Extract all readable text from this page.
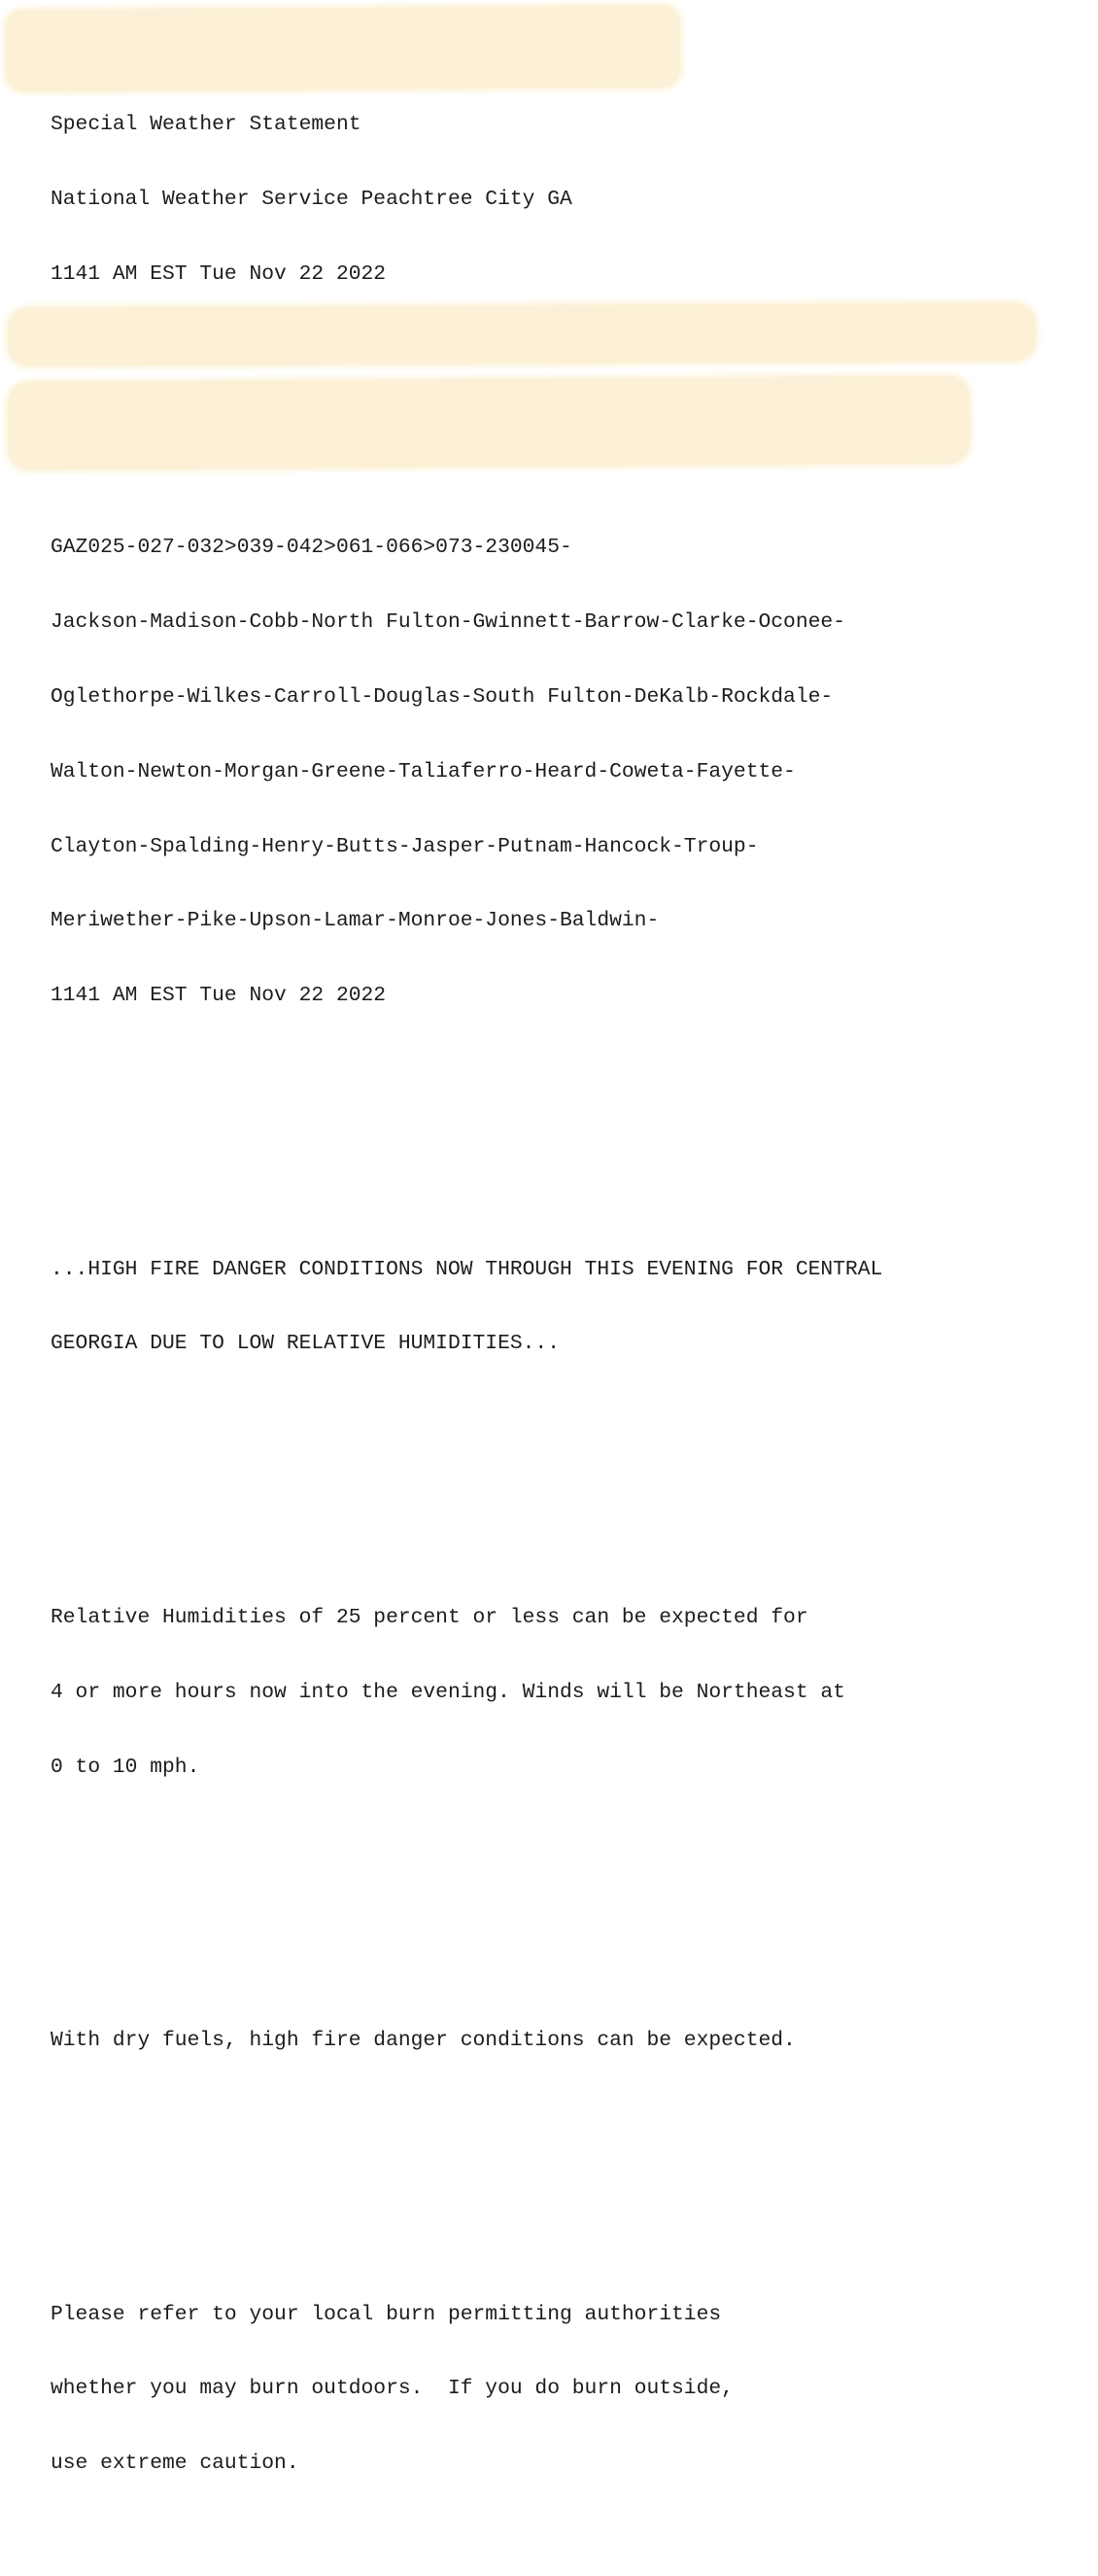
Special Weather Statement

National Weather Service Peachtree City GA

1141 AM EST Tue Nov 22 2022

GAZ025-027-032>039-042>061-066>073-230045-

Jackson-Madison-Cobb-North Fulton-Gwinnett-Barrow-Clarke-Oconee-

Oglethorpe-Wilkes-Carroll-Douglas-South Fulton-DeKalb-Rockdale-

Walton-Newton-Morgan-Greene-Taliaferro-Heard-Coweta-Fayette-

Clayton-Spalding-Henry-Butts-Jasper-Putnam-Hancock-Troup-

Meriwether-Pike-Upson-Lamar-Monroe-Jones-Baldwin-

1141 AM EST Tue Nov 22 2022

...HIGH FIRE DANGER CONDITIONS NOW THROUGH THIS EVENING FOR CENTRAL

GEORGIA DUE TO LOW RELATIVE HUMIDITIES...

Relative Humidities of 25 percent or less can be expected for

4 or more hours now into the evening. Winds will be Northeast at

0 to 10 mph.

With dry fuels, high fire danger conditions can be expected.

Please refer to your local burn permitting authorities

whether you may burn outdoors.  If you do burn outside,

use extreme caution.
